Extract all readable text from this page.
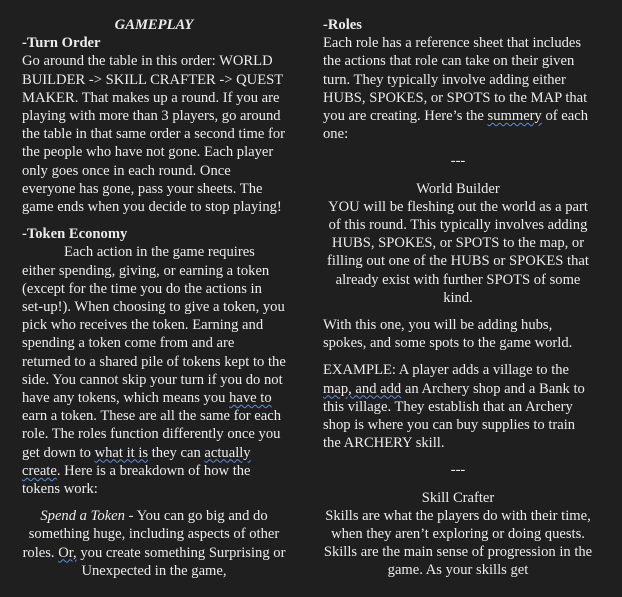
GAMEPLAY

-Turn Order

Go around the table in this order: WORLD BUILDER -> SKILL CRAFTER -> QUEST MAKER. That makes up a round. If you are playing with more than 3 players, go around the table in that same order a second time for the people who have not gone. Each player only goes once in each round. Once everyone has gone, pass your sheets. The game ends when you decide to stop playing!

-Token Economy

Each action in the game requires either spending, giving, or earning a token (except for the time you do the actions in set-up!). When choosing to give a token, you pick who receives the token. Earning and spending a token come from and are returned to a shared pile of tokens kept to the side. You cannot skip your turn if you do not have any tokens, which means you have to earn a token. These are all the same for each role. The roles function differently once you get down to what it is they can actually create. Here is a breakdown of how the tokens work:

Spend a Token - You can go big and do something huge, including aspects of other roles. Or, you create something Surprising or Unexpected in the game,

-Roles

Each role has a reference sheet that includes the actions that role can take on their given turn. They typically involve adding either HUBS, SPOKES, or SPOTS to the MAP that you are creating. Here’s the summery of each one:

---

World Builder

YOU will be fleshing out the world as a part of this round. This typically involves adding HUBS, SPOKES, or SPOTS to the map, or filling out one of the HUBS or SPOKES that already exist with further SPOTS of some kind.

With this one, you will be adding hubs, spokes, and some spots to the game world.

EXAMPLE: A player adds a village to the map, and add an Archery shop and a Bank to this village. They establish that an Archery shop is where you can buy supplies to train the ARCHERY skill.

---

Skill Crafter

Skills are what the players do with their time, when they aren’t exploring or doing quests. Skills are the main sense of progression in the game. As your skills get
